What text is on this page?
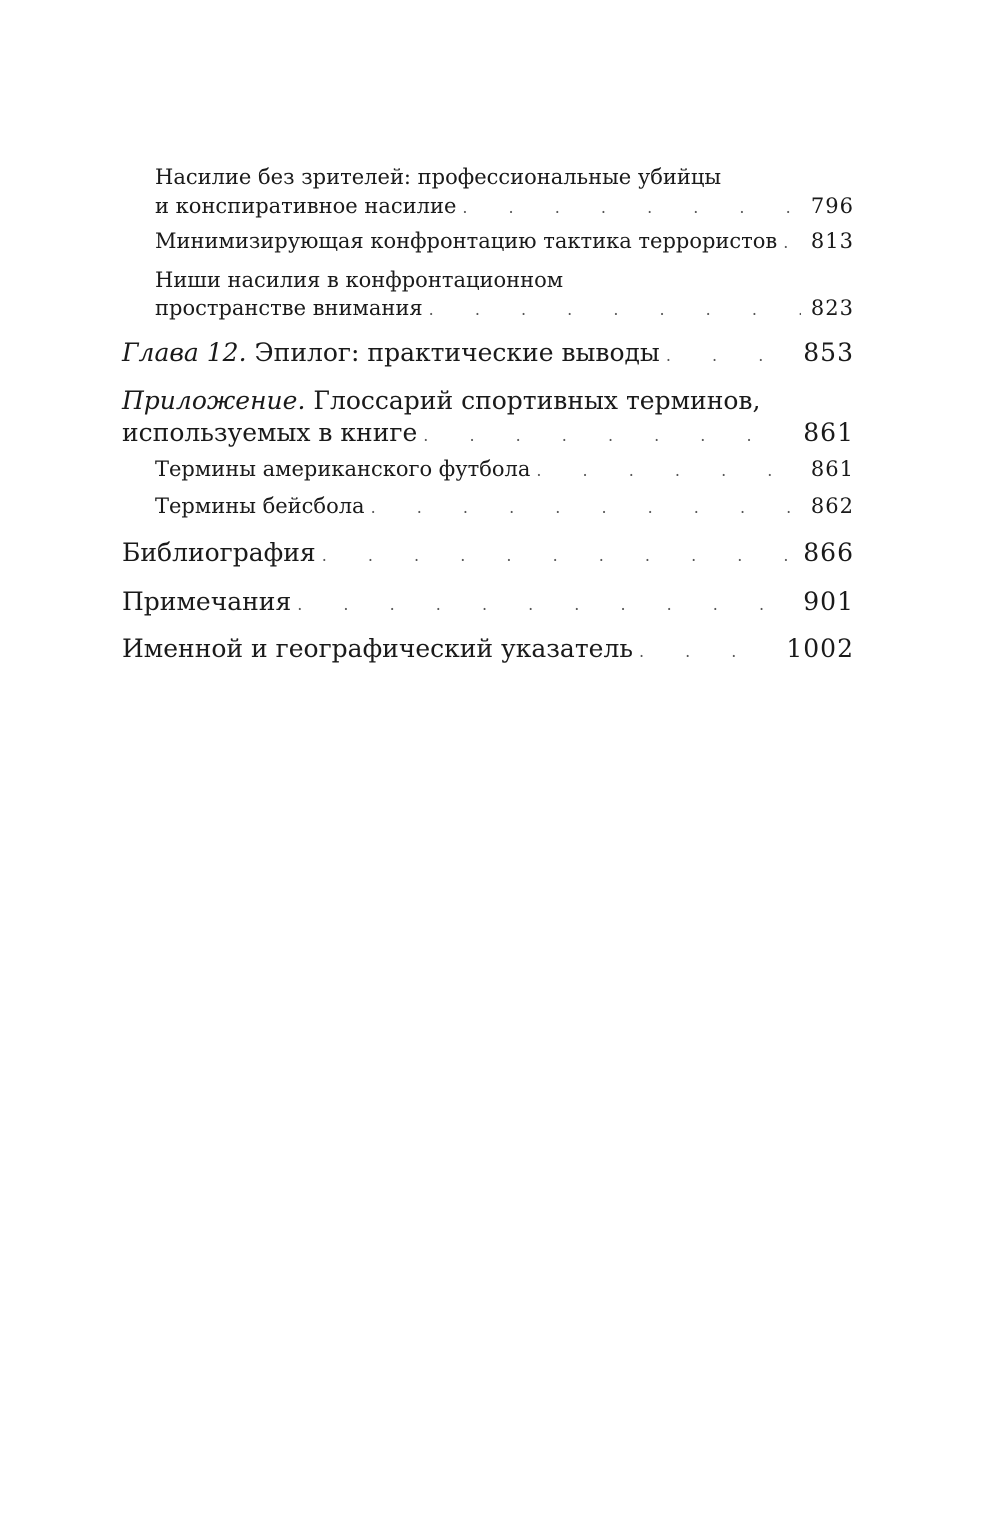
Насилие без зрителей: профессиональные убийцы
и конспиративное насилие . . .	796
Минимизирующая конфронтацию тактика террористов . . . 813
Ниши насилия в конфронтационном
пространстве внимания . . .	823
Глава 12. Эпилог: практические выводы . . .	853
Приложение. Глоссарий спортивных терминов,
используемых в книге . . .	861
Термины американского футбола . . .	861
Термины бейсбола . . .	862
Библиография . . .	866
Примечания . . .	901
Именной и географический указатель . . .	1002
